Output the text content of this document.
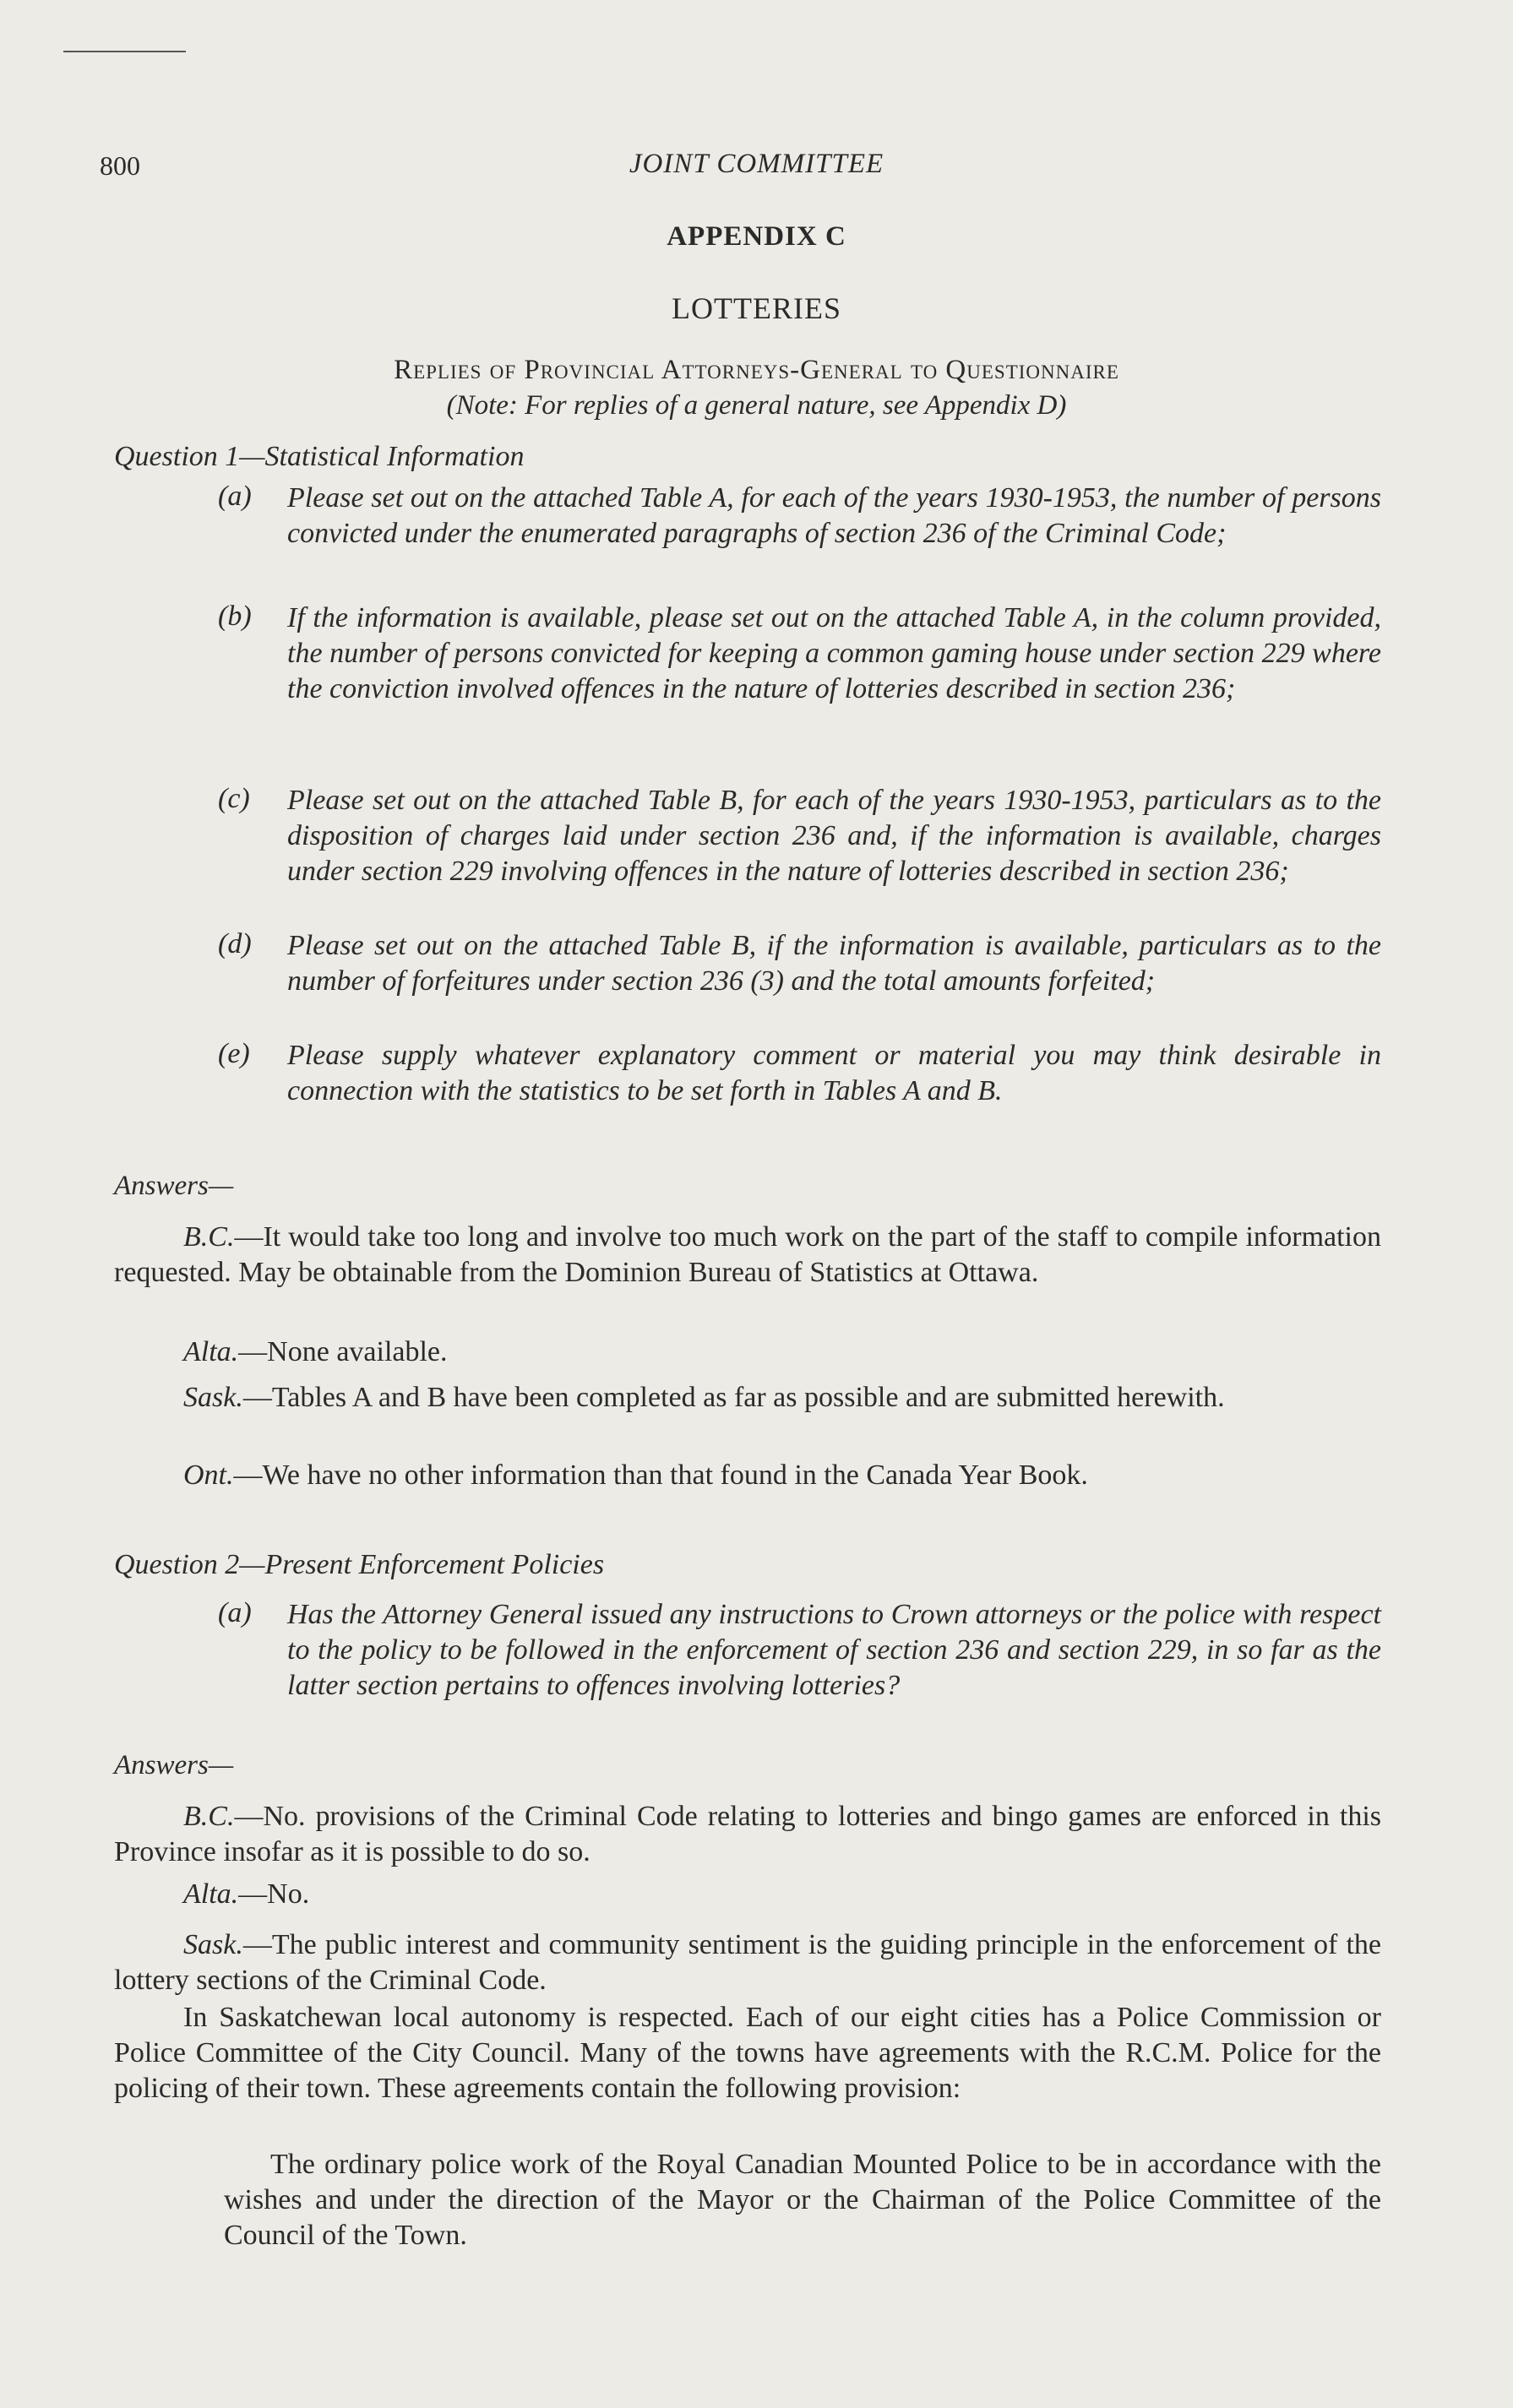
800	JOINT COMMITTEE
APPENDIX C
LOTTERIES
Replies of Provincial Attorneys-General to Questionnaire
(Note: For replies of a general nature, see Appendix D)
Question 1—Statistical Information
(a) Please set out on the attached Table A, for each of the years 1930-1953, the number of persons convicted under the enumerated paragraphs of section 236 of the Criminal Code;
(b) If the information is available, please set out on the attached Table A, in the column provided, the number of persons convicted for keeping a common gaming house under section 229 where the conviction involved offences in the nature of lotteries described in section 236;
(c) Please set out on the attached Table B, for each of the years 1930-1953, particulars as to the disposition of charges laid under section 236 and, if the information is available, charges under section 229 involving offences in the nature of lotteries described in section 236;
(d) Please set out on the attached Table B, if the information is available, particulars as to the number of forfeitures under section 236 (3) and the total amounts forfeited;
(e) Please supply whatever explanatory comment or material you may think desirable in connection with the statistics to be set forth in Tables A and B.
Answers—
B.C.—It would take too long and involve too much work on the part of the staff to compile information requested. May be obtainable from the Dominion Bureau of Statistics at Ottawa.
Alta.—None available.
Sask.—Tables A and B have been completed as far as possible and are submitted herewith.
Ont.—We have no other information than that found in the Canada Year Book.
Question 2—Present Enforcement Policies
(a) Has the Attorney General issued any instructions to Crown attorneys or the police with respect to the policy to be followed in the enforcement of section 236 and section 229, in so far as the latter section pertains to offences involving lotteries?
Answers—
B.C.—No. provisions of the Criminal Code relating to lotteries and bingo games are enforced in this Province insofar as it is possible to do so.
Alta.—No.
Sask.—The public interest and community sentiment is the guiding principle in the enforcement of the lottery sections of the Criminal Code.
In Saskatchewan local autonomy is respected. Each of our eight cities has a Police Commission or Police Committee of the City Council. Many of the towns have agreements with the R.C.M. Police for the policing of their town. These agreements contain the following provision:
The ordinary police work of the Royal Canadian Mounted Police to be in accordance with the wishes and under the direction of the Mayor or the Chairman of the Police Committee of the Council of the Town.
